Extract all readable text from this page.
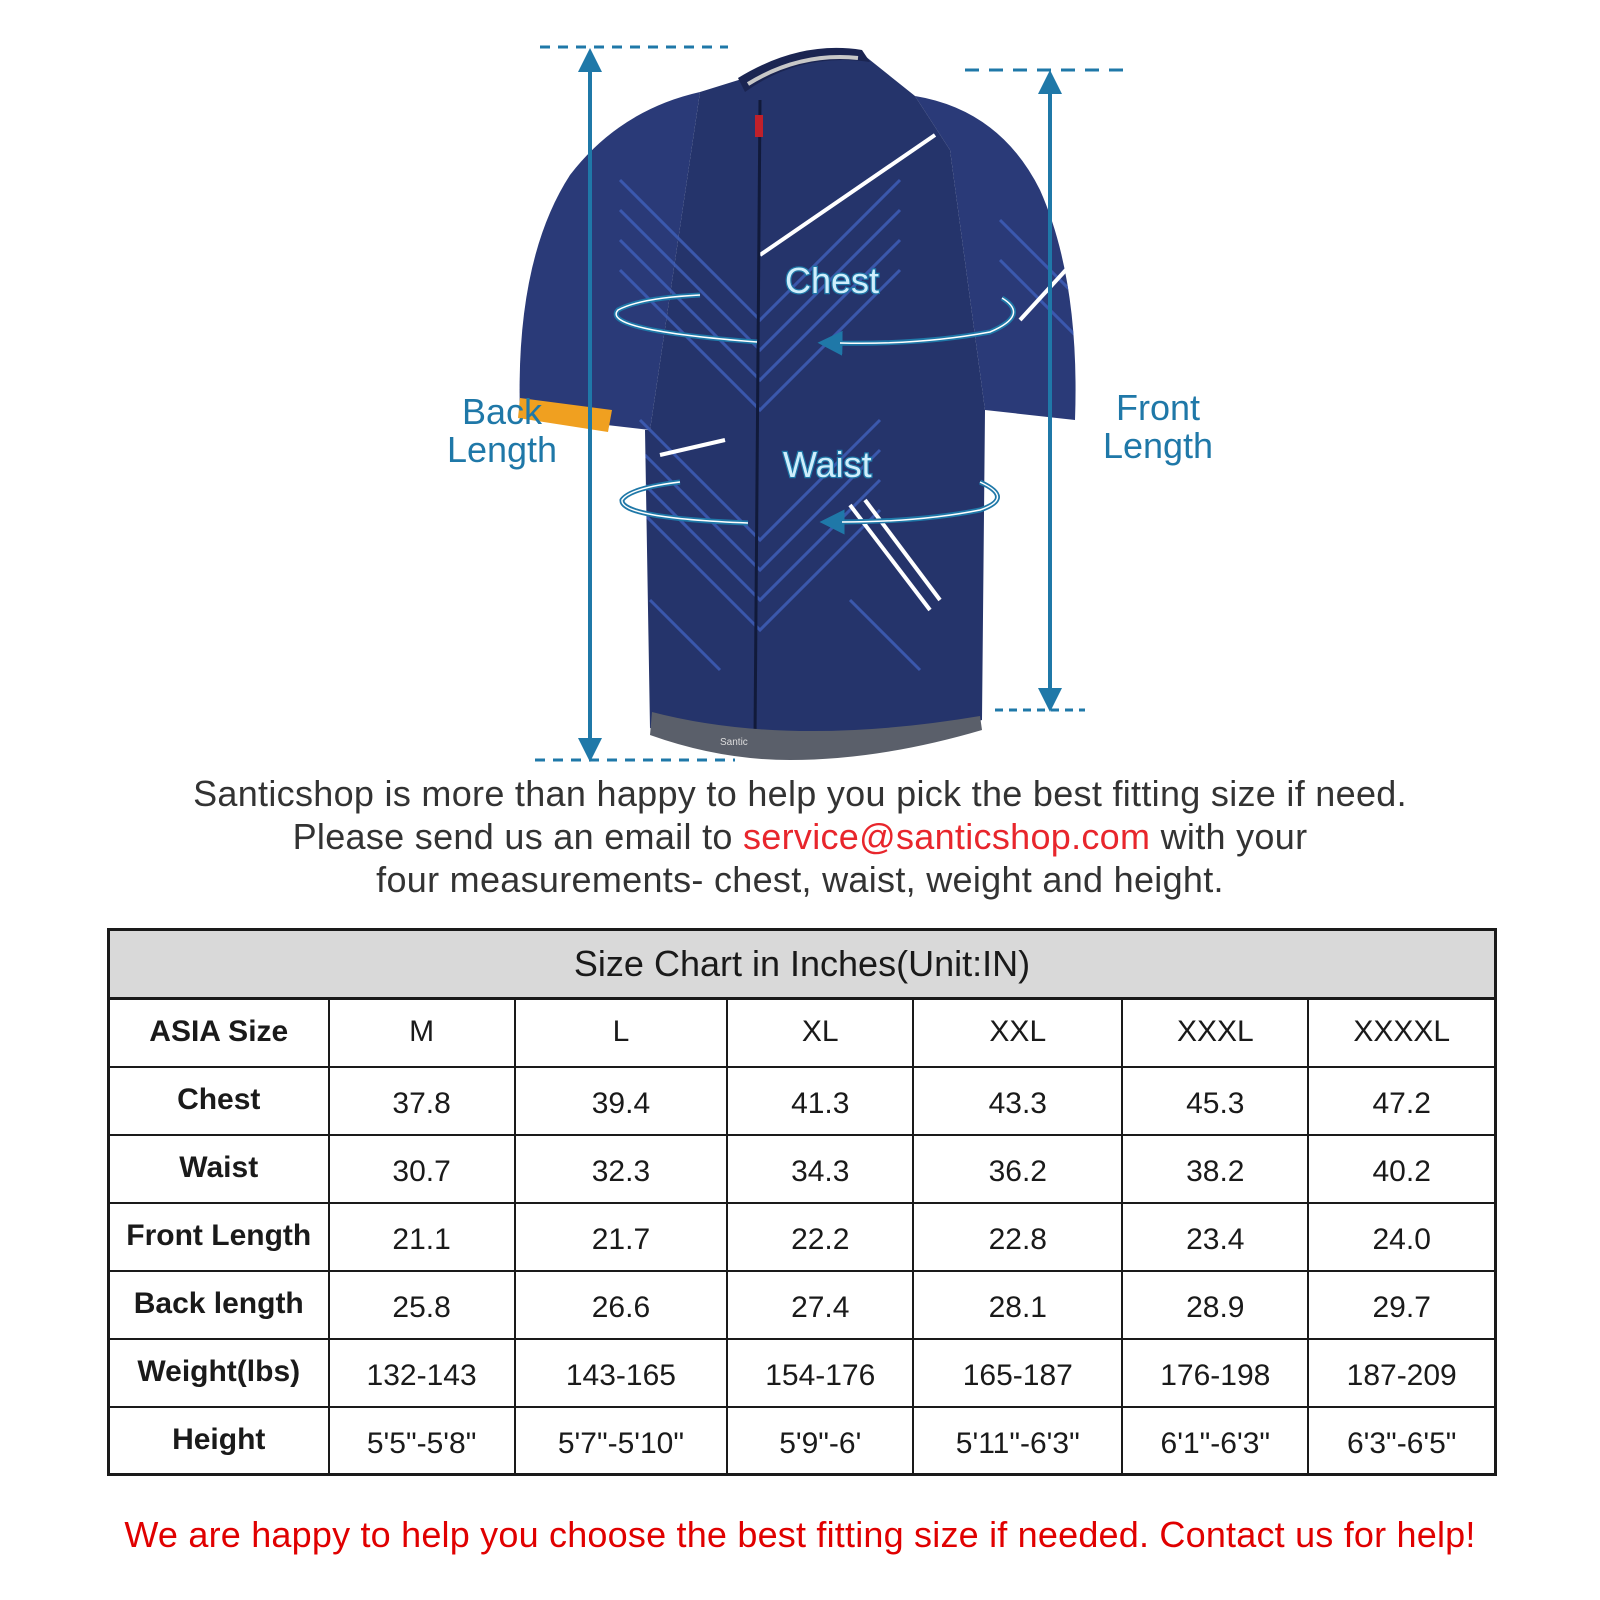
Santic
Chest
Waist
Back
Length
Front
Length
Santicshop is more than happy to help you pick the best fitting size if need.
Please send us an email to service@santicshop.com with your
four measurements- chest, waist, weight and height.
Size Chart in Inches(Unit:IN)						
ASIA Size	M	L	XL	XXL	XXXL	XXXXL
Chest	37.8	39.4	41.3	43.3	45.3	47.2
Waist	30.7	32.3	34.3	36.2	38.2	40.2
Front Length	21.1	21.7	22.2	22.8	23.4	24.0
Back length	25.8	26.6	27.4	28.1	28.9	29.7
Weight(lbs)	132-143	143-165	154-176	165-187	176-198	187-209
Height	5'5"-5'8"	5'7"-5'10"	5'9"-6'	5'11"-6'3"	6'1"-6'3"	6'3"-6'5"
We are happy to help you choose the best fitting size if needed. Contact us for help!
